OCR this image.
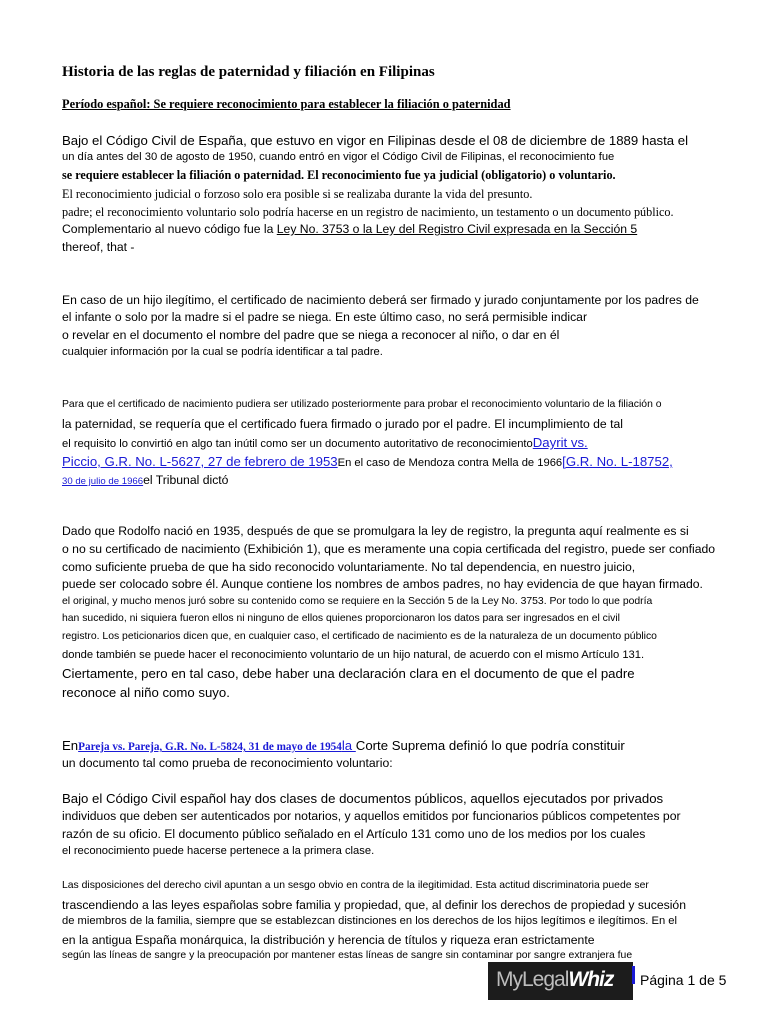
Historia de las reglas de paternidad y filiación en Filipinas
Período español: Se requiere reconocimiento para establecer la filiación o paternidad
Bajo el Código Civil de España, que estuvo en vigor en Filipinas desde el 08 de diciembre de 1889 hasta el
un día antes del 30 de agosto de 1950, cuando entró en vigor el Código Civil de Filipinas, el reconocimiento fue
se requiere establecer la filiación o paternidad. El reconocimiento fue ya judicial (obligatorio) o voluntario.
El reconocimiento judicial o forzoso solo era posible si se realizaba durante la vida del presunto.
padre; el reconocimiento voluntario solo podría hacerse en un registro de nacimiento, un testamento o un documento público.
Complementario al nuevo código fue la Ley No. 3753 o la Ley del Registro Civil expresada en la Sección 5
thereof, that -
En caso de un hijo ilegítimo, el certificado de nacimiento deberá ser firmado y jurado conjuntamente por los padres de
el infante o solo por la madre si el padre se niega. En este último caso, no será permisible indicar
o revelar en el documento el nombre del padre que se niega a reconocer al niño, o dar en él
cualquier información por la cual se podría identificar a tal padre.
Para que el certificado de nacimiento pudiera ser utilizado posteriormente para probar el reconocimiento voluntario de la filiación o
la paternidad, se requería que el certificado fuera firmado o jurado por el padre. El incumplimiento de tal
el requisito lo convirtió en algo tan inútil como ser un documento autoritativo de reconocimientoDayrit vs.
Piccio, G.R. No. L-5627, 27 de febrero de 1953En el caso de Mendoza contra Mella de 1966[G.R. No. L-18752,
30 de julio de 1966el Tribunal dictó
Dado que Rodolfo nació en 1935, después de que se promulgara la ley de registro, la pregunta aquí realmente es si
o no su certificado de nacimiento (Exhibición 1), que es meramente una copia certificada del registro, puede ser confiado
como suficiente prueba de que ha sido reconocido voluntariamente. No tal dependencia, en nuestro juicio,
puede ser colocado sobre él. Aunque contiene los nombres de ambos padres, no hay evidencia de que hayan firmado.
el original, y mucho menos juró sobre su contenido como se requiere en la Sección 5 de la Ley No. 3753. Por todo lo que podría
han sucedido, ni siquiera fueron ellos ni ninguno de ellos quienes proporcionaron los datos para ser ingresados en el civil
registro. Los peticionarios dicen que, en cualquier caso, el certificado de nacimiento es de la naturaleza de un documento público
donde también se puede hacer el reconocimiento voluntario de un hijo natural, de acuerdo con el mismo Artículo 131.
Ciertamente, pero en tal caso, debe haber una declaración clara en el documento de que el padre
reconoce al niño como suyo.
EnPareja vs. Pareja, G.R. No. L-5824, 31 de mayo de 1954la Corte Suprema definió lo que podría constituir
un documento tal como prueba de reconocimiento voluntario:
Bajo el Código Civil español hay dos clases de documentos públicos, aquellos ejecutados por privados
individuos que deben ser autenticados por notarios, y aquellos emitidos por funcionarios públicos competentes por
razón de su oficio. El documento público señalado en el Artículo 131 como uno de los medios por los cuales
el reconocimiento puede hacerse pertenece a la primera clase.
Las disposiciones del derecho civil apuntan a un sesgo obvio en contra de la ilegitimidad. Esta actitud discriminatoria puede ser
trascendiendo a las leyes españolas sobre familia y propiedad, que, al definir los derechos de propiedad y sucesión
de miembros de la familia, siempre que se establezcan distinciones en los derechos de los hijos legítimos e ilegítimos. En el
en la antigua España monárquica, la distribución y herencia de títulos y riqueza eran estrictamente
según las líneas de sangre y la preocupación por mantener estas líneas de sangre sin contaminar por sangre extranjera fue
MyLegalWhiz Página 1 de 5
